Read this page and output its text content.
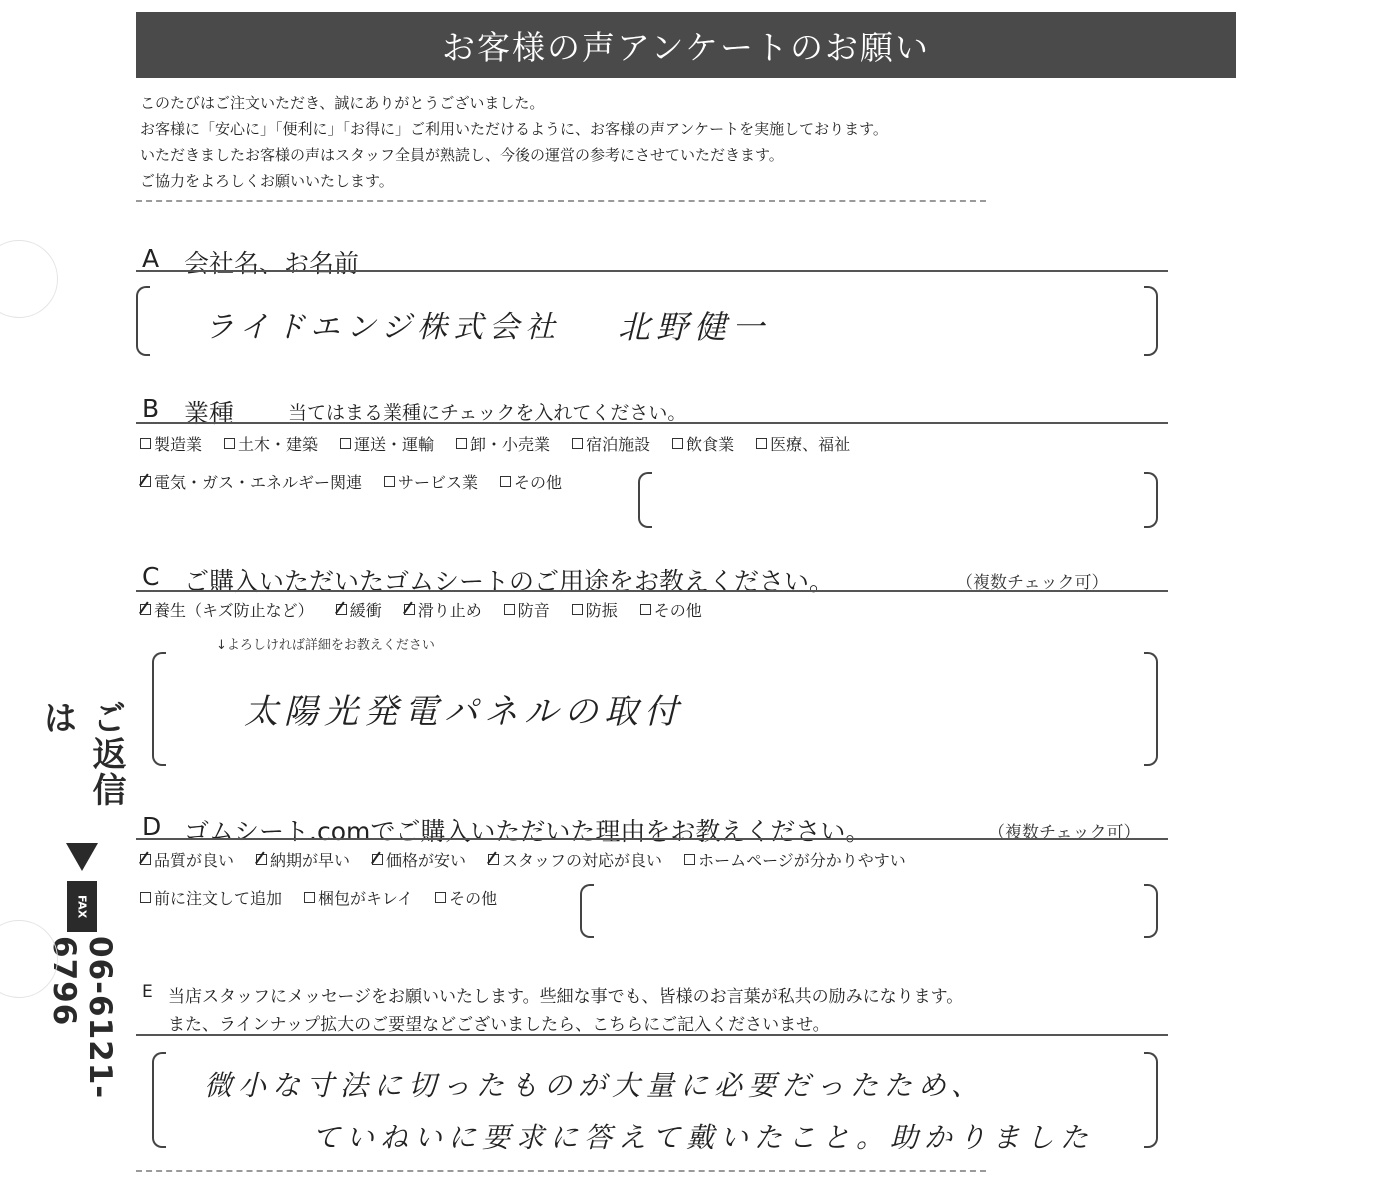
お客様の声アンケートのお願い
このたびはご注文いただき、誠にありがとうございました。
お客様に「安心に」「便利に」「お得に」ご利用いただけるように、お客様の声アンケートを実施しております。
いただきましたお客様の声はスタッフ全員が熟読し、今後の運営の参考にさせていただきます。
ご協力をよろしくお願いいたします。
A 会社名、お名前
ライドエンジ株式会社 北野健一
B 業種	当てはまる業種にチェックを入れてください。
製造業 土木・建築 運送・運輸 卸・小売業 宿泊施設 飲食業 医療、福祉
電気・ガス・エネルギー関連 サービス業 その他
C ご購入いただいたゴムシートのご用途をお教えください。	（複数チェック可）
養生（キズ防止など） 緩衝 滑り止め 防音 防振 その他
↓よろしければ詳細をお教えください
太陽光発電パネルの取付
D ゴムシート.comでご購入いただいた理由をお教えください。	（複数チェック可）
品質が良い 納期が早い 価格が安い スタッフの対応が良い ホームページが分かりやすい
前に注文して追加 梱包がキレイ その他
E 当店スタッフにメッセージをお願いいたします。些細な事でも、皆様のお言葉が私共の励みになります。
また、ラインナップ拡大のご要望などございましたら、こちらにご記入くださいませ。
微小な寸法に切ったものが大量に必要だったため、
ていねいに要求に答えて戴いたこと。助かりました
ご返信は
FAX
06-6121-6796
